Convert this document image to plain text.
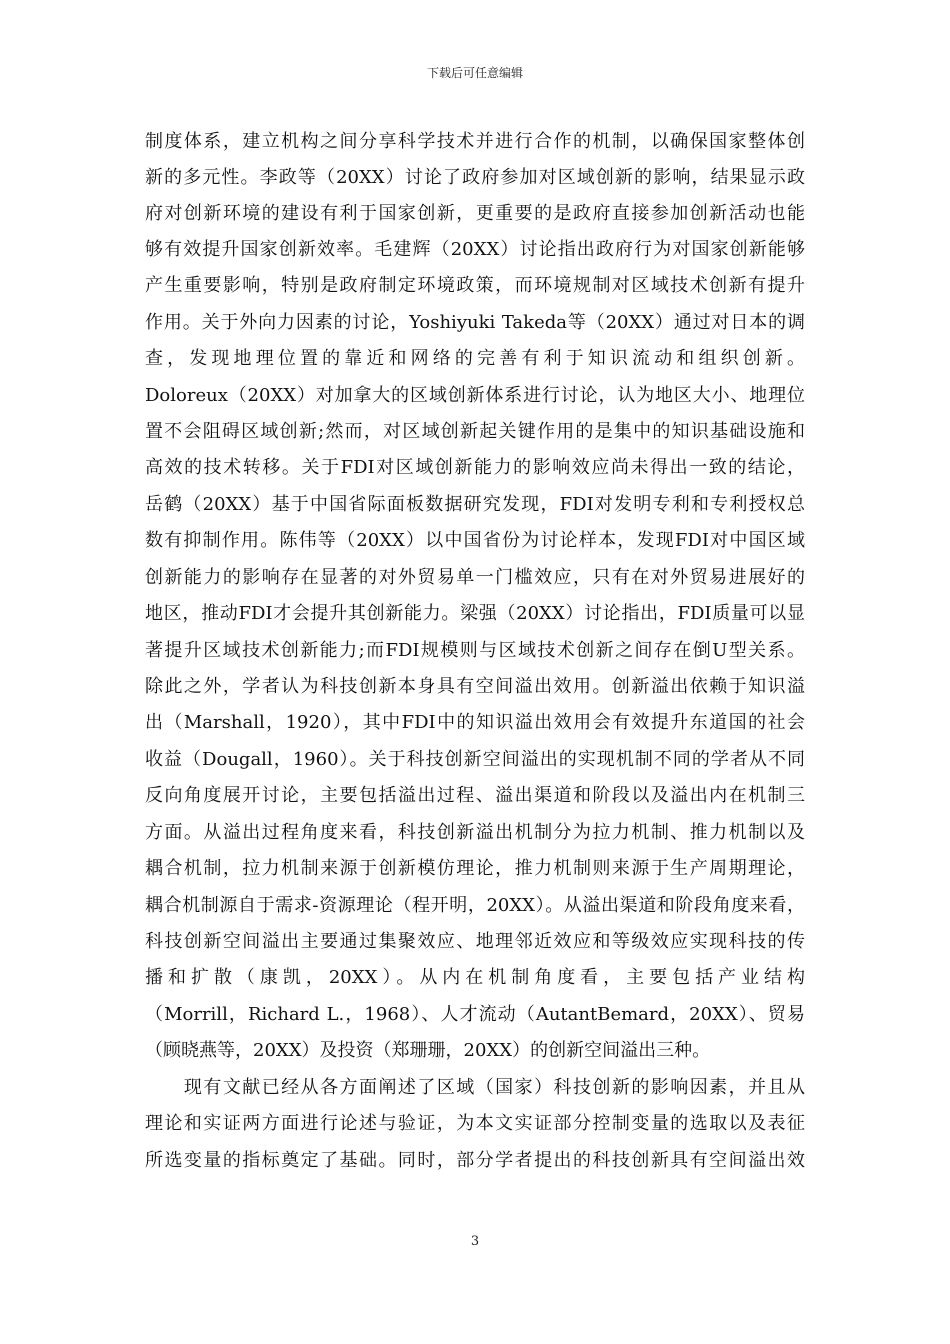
下载后可任意编辑
制度体系，建立机构之间分享科学技术并进行合作的机制，以确保国家整体创
新的多元性。李政等（20XX）讨论了政府参加对区域创新的影响，结果显示政
府对创新环境的建设有利于国家创新，更重要的是政府直接参加创新活动也能
够有效提升国家创新效率。毛建辉（20XX）讨论指出政府行为对国家创新能够
产生重要影响，特别是政府制定环境政策，而环境规制对区域技术创新有提升
作用。关于外向力因素的讨论，Yoshiyuki Takeda等（20XX）通过对日本的调
查，发现地理位置的靠近和网络的完善有利于知识流动和组织创新。
Doloreux（20XX）对加拿大的区域创新体系进行讨论，认为地区大小、地理位
置不会阻碍区域创新;然而，对区域创新起关键作用的是集中的知识基础设施和
高效的技术转移。关于FDI对区域创新能力的影响效应尚未得出一致的结论，
岳鹤（20XX）基于中国省际面板数据研究发现，FDI对发明专利和专利授权总
数有抑制作用。陈伟等（20XX）以中国省份为讨论样本，发现FDI对中国区域
创新能力的影响存在显著的对外贸易单一门槛效应，只有在对外贸易进展好的
地区，推动FDI才会提升其创新能力。梁强（20XX）讨论指出，FDI质量可以显
著提升区域技术创新能力;而FDI规模则与区域技术创新之间存在倒U型关系。
除此之外，学者认为科技创新本身具有空间溢出效用。创新溢出依赖于知识溢
出（Marshall，1920），其中FDI中的知识溢出效用会有效提升东道国的社会
收益（Dougall，1960）。关于科技创新空间溢出的实现机制不同的学者从不同
反向角度展开讨论，主要包括溢出过程、溢出渠道和阶段以及溢出内在机制三
方面。从溢出过程角度来看，科技创新溢出机制分为拉力机制、推力机制以及
耦合机制，拉力机制来源于创新模仿理论，推力机制则来源于生产周期理论，
耦合机制源自于需求-资源理论（程开明，20XX）。从溢出渠道和阶段角度来看，
科技创新空间溢出主要通过集聚效应、地理邻近效应和等级效应实现科技的传
播和扩散（康凯，20XX）。从内在机制角度看，主要包括产业结构
（Morrill，Richard L.，1968）、人才流动（AutantBemard，20XX）、贸易
（顾晓燕等，20XX）及投资（郑珊珊，20XX）的创新空间溢出三种。
　　现有文献已经从各方面阐述了区域（国家）科技创新的影响因素，并且从
理论和实证两方面进行论述与验证，为本文实证部分控制变量的选取以及表征
所选变量的指标奠定了基础。同时，部分学者提出的科技创新具有空间溢出效
3
